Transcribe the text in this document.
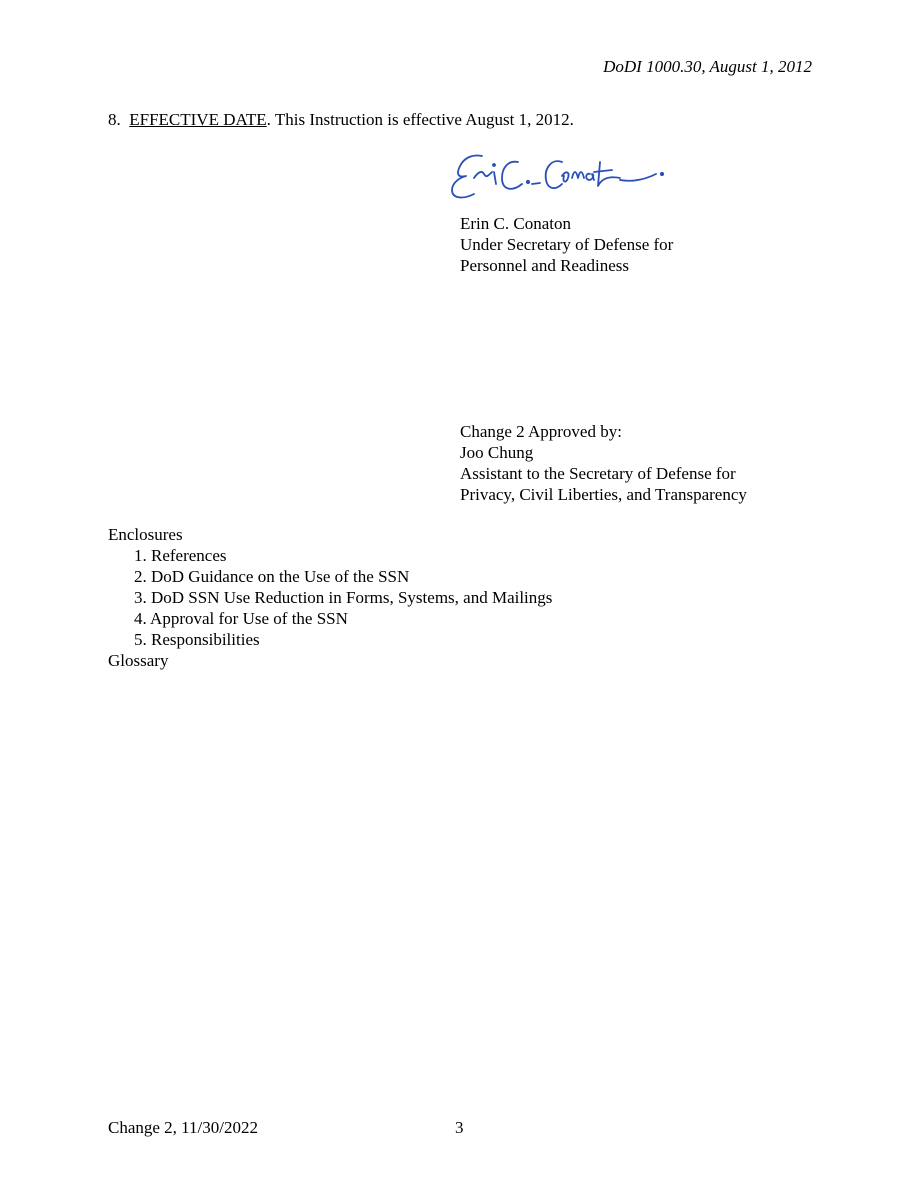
DoDI 1000.30, August 1, 2012
8. EFFECTIVE DATE. This Instruction is effective August 1, 2012.
Erin C. Conaton
Under Secretary of Defense for
Personnel and Readiness
Change 2 Approved by:
Joo Chung
Assistant to the Secretary of Defense for
Privacy, Civil Liberties, and Transparency
Enclosures
1. References
2. DoD Guidance on the Use of the SSN
3. DoD SSN Use Reduction in Forms, Systems, and Mailings
4. Approval for Use of the SSN
5. Responsibilities
Glossary
Change 2, 11/30/2022	3
